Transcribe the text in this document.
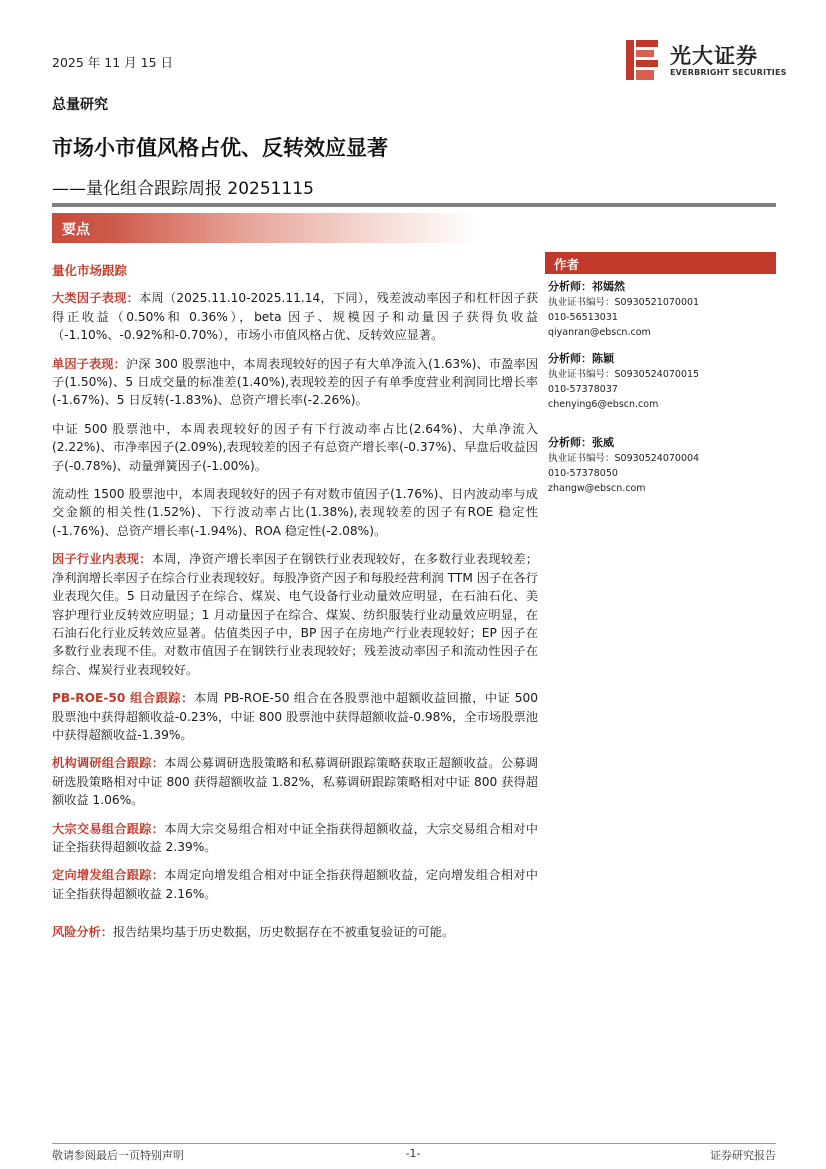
2025 年 11 月 15 日	光大证券
EVERBRIGHT SECURITIES
总量研究
市场小市值风格占优、反转效应显著
——量化组合跟踪周报 20251115
要点
量化市场跟踪
大类因子表现：本周（2025.11.10-2025.11.14，下同），残差波动率因子和杠杆因子获得正收益（0.50%和 0.36%），beta 因子、规模因子和动量因子获得负收益（-1.10%、-0.92%和-0.70%），市场小市值风格占优、反转效应显著。
单因子表现：沪深 300 股票池中，本周表现较好的因子有大单净流入(1.63%)、市盈率因子(1.50%)、5 日成交量的标准差(1.40%),表现较差的因子有单季度营业利润同比增长率(-1.67%)、5 日反转(-1.83%)、总资产增长率(-2.26%)。
中证 500 股票池中，本周表现较好的因子有下行波动率占比(2.64%)、大单净流入(2.22%)、市净率因子(2.09%),表现较差的因子有总资产增长率(-0.37%)、早盘后收益因子(-0.78%)、动量弹簧因子(-1.00%)。
流动性 1500 股票池中，本周表现较好的因子有对数市值因子(1.76%)、日内波动率与成交金额的相关性(1.52%)、下行波动率占比(1.38%),表现较差的因子有ROE 稳定性(-1.76%)、总资产增长率(-1.94%)、ROA 稳定性(-2.08%)。
因子行业内表现：本周，净资产增长率因子在钢铁行业表现较好，在多数行业表现较差；净利润增长率因子在综合行业表现较好。每股净资产因子和每股经营利润 TTM 因子在各行业表现欠佳。5 日动量因子在综合、煤炭、电气设备行业动量效应明显，在石油石化、美容护理行业反转效应明显；1 月动量因子在综合、煤炭、纺织服装行业动量效应明显，在石油石化行业反转效应显著。估值类因子中，BP 因子在房地产行业表现较好；EP 因子在多数行业表现不佳。对数市值因子在钢铁行业表现较好；残差波动率因子和流动性因子在综合、煤炭行业表现较好。
PB-ROE-50 组合跟踪：本周 PB-ROE-50 组合在各股票池中超额收益回撤，中证 500 股票池中获得超额收益-0.23%，中证 800 股票池中获得超额收益-0.98%，全市场股票池中获得超额收益-1.39%。
机构调研组合跟踪：本周公募调研选股策略和私募调研跟踪策略获取正超额收益。公募调研选股策略相对中证 800 获得超额收益 1.82%，私募调研跟踪策略相对中证 800 获得超额收益 1.06%。
大宗交易组合跟踪：本周大宗交易组合相对中证全指获得超额收益，大宗交易组合相对中证全指获得超额收益 2.39%。
定向增发组合跟踪：本周定向增发组合相对中证全指获得超额收益，定向增发组合相对中证全指获得超额收益 2.16%。
风险分析：报告结果均基于历史数据，历史数据存在不被重复验证的可能。
作者
分析师：祁嫣然
执业证书编号：S0930521070001
010-56513031
qiyanran@ebscn.com
分析师：陈颖
执业证书编号：S0930524070015
010-57378037
chenying6@ebscn.com
分析师：张威
执业证书编号：S0930524070004
010-57378050
zhangw@ebscn.com
敬请参阅最后一页特别声明	-1-	证券研究报告
